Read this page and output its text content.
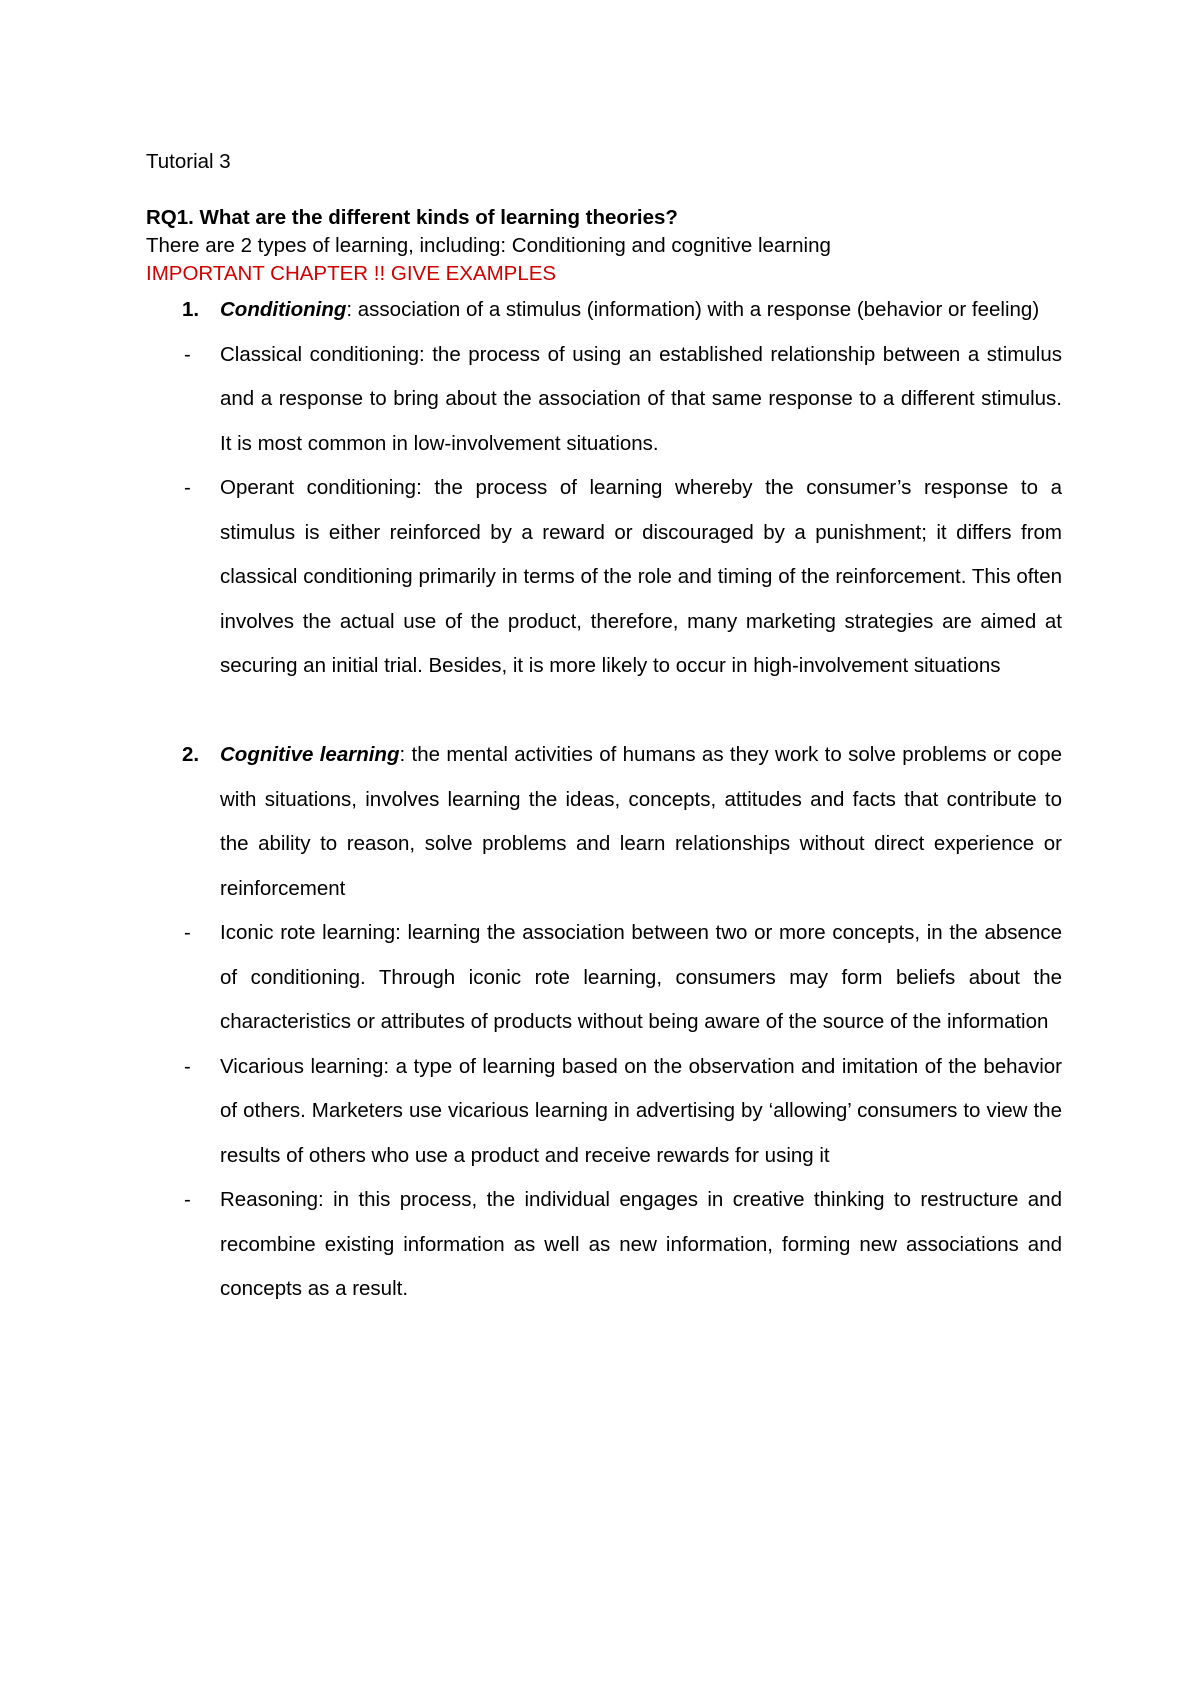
Tutorial 3

RQ1. What are the different kinds of learning theories?

There are 2 types of learning, including: Conditioning and cognitive learning

IMPORTANT CHAPTER !! GIVE EXAMPLES

1. Conditioning: association of a stimulus (information) with a response (behavior or feeling)
- Classical conditioning: the process of using an established relationship between a stimulus and a response to bring about the association of that same response to a different stimulus. It is most common in low-involvement situations.
- Operant conditioning: the process of learning whereby the consumer’s response to a stimulus is either reinforced by a reward or discouraged by a punishment; it differs from classical conditioning primarily in terms of the role and timing of the reinforcement. This often involves the actual use of the product, therefore, many marketing strategies are aimed at securing an initial trial. Besides, it is more likely to occur in high-involvement situations
2. Cognitive learning: the mental activities of humans as they work to solve problems or cope with situations, involves learning the ideas, concepts, attitudes and facts that contribute to the ability to reason, solve problems and learn relationships without direct experience or reinforcement
- Iconic rote learning: learning the association between two or more concepts, in the absence of conditioning. Through iconic rote learning, consumers may form beliefs about the characteristics or attributes of products without being aware of the source of the information
- Vicarious learning: a type of learning based on the observation and imitation of the behavior of others. Marketers use vicarious learning in advertising by ‘allowing’ consumers to view the results of others who use a product and receive rewards for using it
- Reasoning: in this process, the individual engages in creative thinking to restructure and recombine existing information as well as new information, forming new associations and concepts as a result.
